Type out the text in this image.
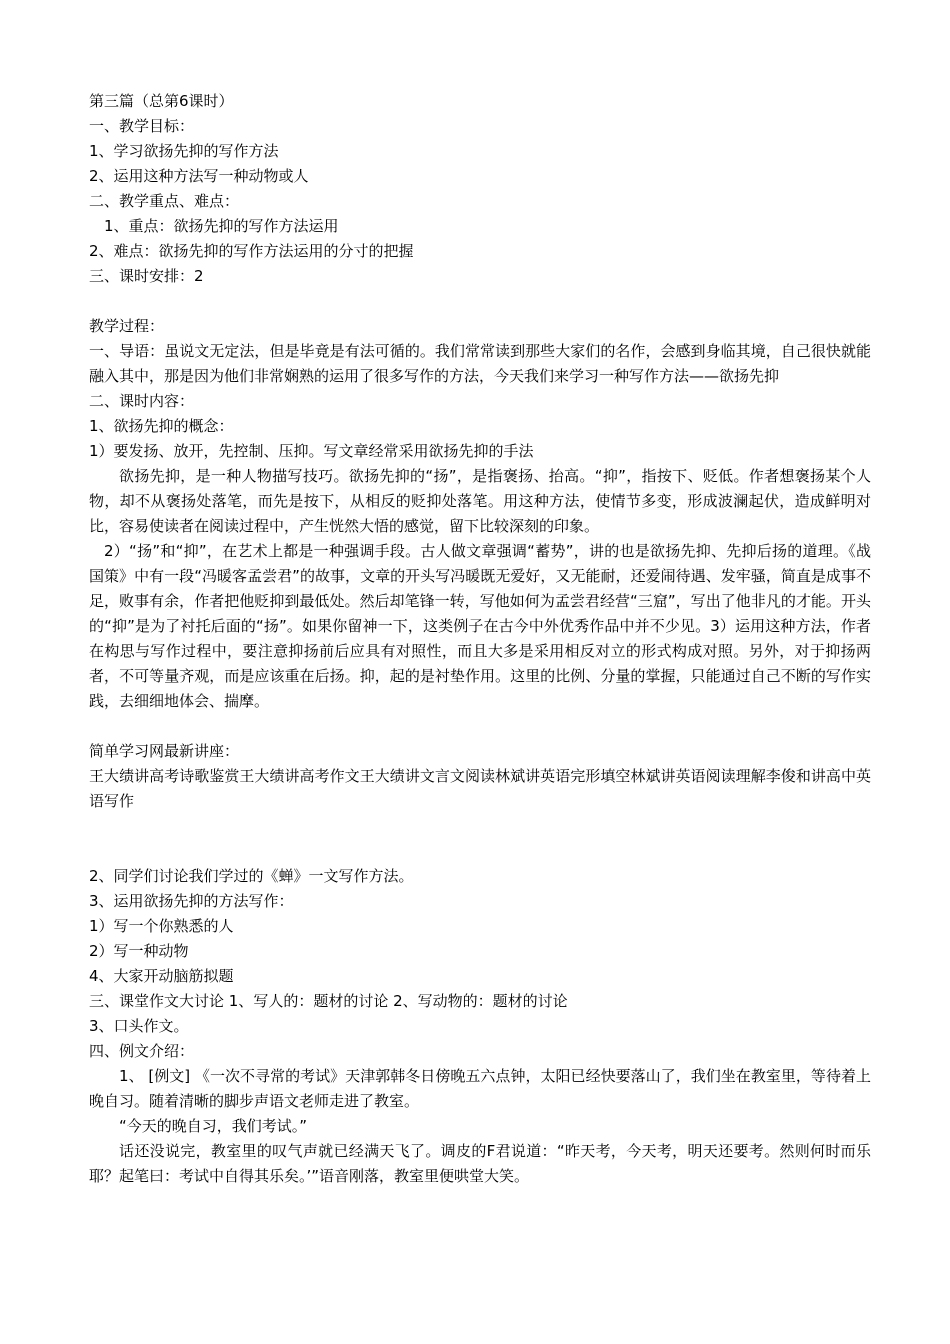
第三篇（总第6课时）
一、教学目标：
1、学习欲扬先抑的写作方法
2、运用这种方法写一种动物或人
二、教学重点、难点：
1、重点：欲扬先抑的写作方法运用
2、难点：欲扬先抑的写作方法运用的分寸的把握
三、课时安排：2
教学过程：
一、导语：虽说文无定法，但是毕竟是有法可循的。我们常常读到那些大家们的名作，会感到身临其境，自己很快就能融入其中，那是因为他们非常娴熟的运用了很多写作的方法，今天我们来学习一种写作方法——欲扬先抑
二、课时内容：
1、欲扬先抑的概念：
1）要发扬、放开，先控制、压抑。写文章经常采用欲扬先抑的手法
欲扬先抑，是一种人物描写技巧。欲扬先抑的“扬”，是指褒扬、抬高。“抑”，指按下、贬低。作者想褒扬某个人物，却不从褒扬处落笔，而先是按下，从相反的贬抑处落笔。用这种方法，使情节多变，形成波澜起伏，造成鲜明对比，容易使读者在阅读过程中，产生恍然大悟的感觉，留下比较深刻的印象。
2）“扬”和“抑”，在艺术上都是一种强调手段。古人做文章强调“蓄势”，讲的也是欲扬先抑、先抑后扬的道理。《战国策》中有一段“冯暖客孟尝君”的故事，文章的开头写冯暖既无爱好，又无能耐，还爱闹待遇、发牢骚，简直是成事不足，败事有余，作者把他贬抑到最低处。然后却笔锋一转，写他如何为孟尝君经营“三窟”，写出了他非凡的才能。开头的“抑”是为了衬托后面的“扬”。如果你留神一下，这类例子在古今中外优秀作品中并不少见。3）运用这种方法，作者在构思与写作过程中，要注意抑扬前后应具有对照性，而且大多是采用相反对立的形式构成对照。另外，对于抑扬两者，不可等量齐观，而是应该重在后扬。抑，起的是衬垫作用。这里的比例、分量的掌握，只能通过自己不断的写作实践，去细细地体会、揣摩。
简单学习网最新讲座：
王大绩讲高考诗歌鉴赏王大绩讲高考作文王大绩讲文言文阅读林斌讲英语完形填空林斌讲英语阅读理解李俊和讲高中英语写作
2、同学们讨论我们学过的《蝉》一文写作方法。
3、运用欲扬先抑的方法写作：
1）写一个你熟悉的人
2）写一种动物
4、大家开动脑筋拟题
三、课堂作文大讨论 1、写人的：题材的讨论 2、写动物的：题材的讨论
3、口头作文。
四、例文介绍：
1、 [例文] 《一次不寻常的考试》天津郭韩冬日傍晚五六点钟，太阳已经快要落山了，我们坐在教室里，等待着上晚自习。随着清晰的脚步声语文老师走进了教室。
“今天的晚自习，我们考试。”
话还没说完，教室里的叹气声就已经满天飞了。调皮的F君说道：“昨天考，今天考，明天还要考。然则何时而乐耶？起笔曰：考试中自得其乐矣。’”语音刚落，教室里便哄堂大笑。
